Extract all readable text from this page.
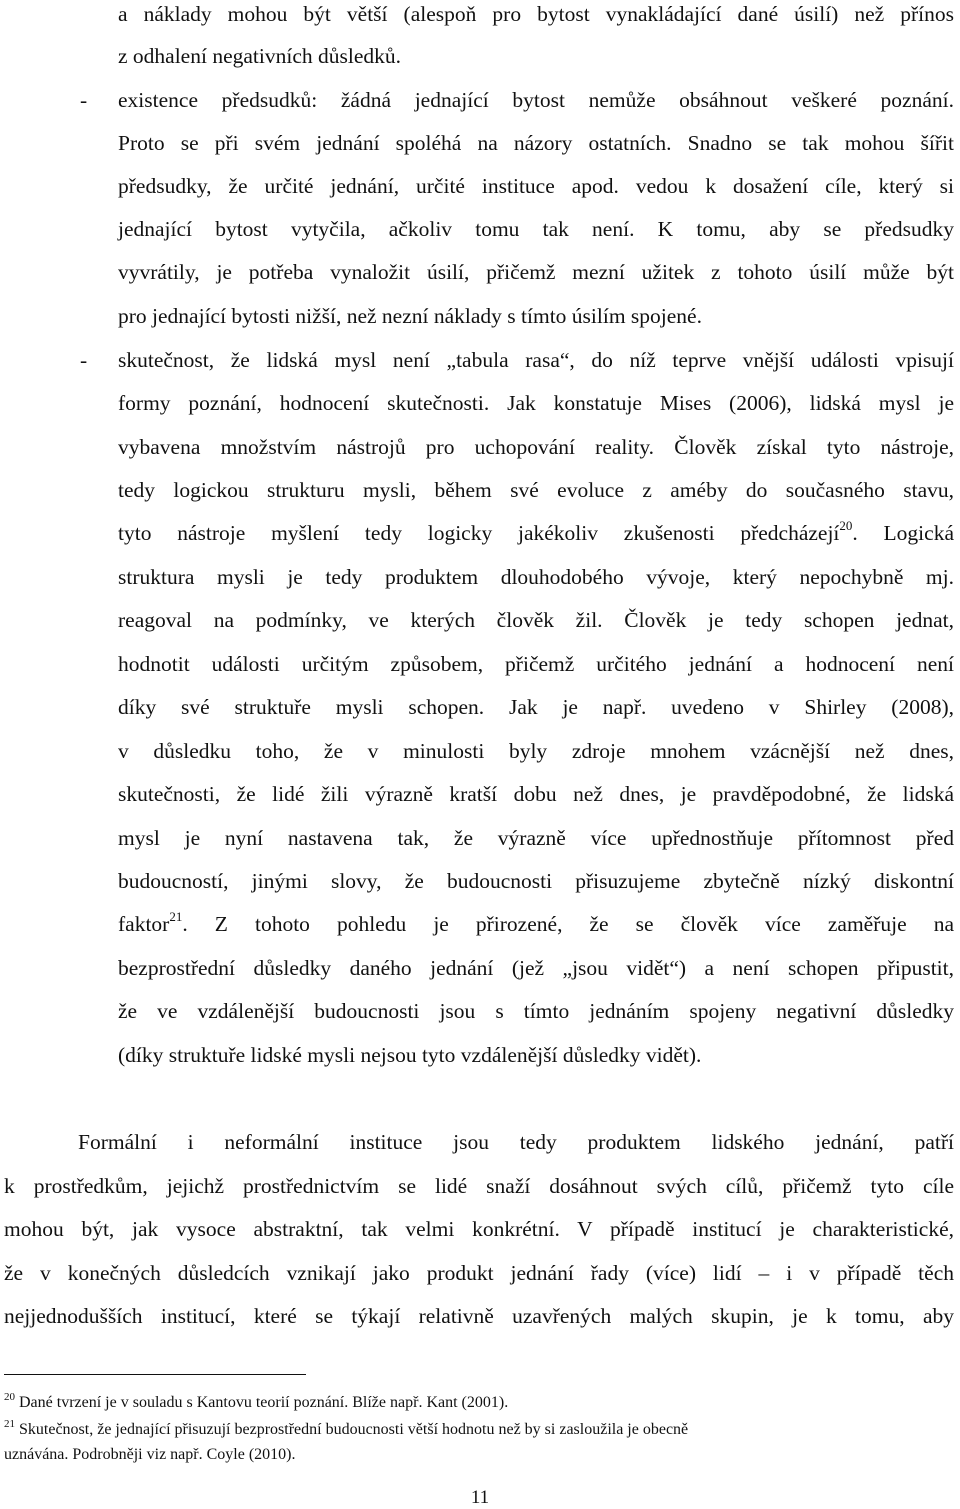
a náklady mohou být větší (alespoň pro bytost vynakládající dané úsilí) než přínos
z odhalení negativních důsledků.
- existence předsudků: žádná jednající bytost nemůže obsáhnout veškeré poznání.
Proto se při svém jednání spoléhá na názory ostatních. Snadno se tak mohou šířit
předsudky, že určité jednání, určité instituce apod. vedou k dosažení cíle, který si
jednající bytost vytyčila, ačkoliv tomu tak není. K tomu, aby se předsudky
vyvrátily, je potřeba vynaložit úsilí, přičemž mezní užitek z tohoto úsilí může být
pro jednající bytosti nižší, než nezní náklady s tímto úsilím spojené.
- skutečnost, že lidská mysl není „tabula rasa“, do níž teprve vnější události vpisují
formy poznání, hodnocení skutečnosti. Jak konstatuje Mises (2006), lidská mysl je
vybavena množstvím nástrojů pro uchopování reality. Člověk získal tyto nástroje,
tedy logickou strukturu mysli, během své evoluce z améby do současného stavu,
tyto nástroje myšlení tedy logicky jakékoliv zkušenosti předcházejí$^{20}$. Logická
struktura mysli je tedy produktem dlouhodobého vývoje, který nepochybně mj.
reagoval na podmínky, ve kterých člověk žil. Člověk je tedy schopen jednat,
hodnotit události určitým způsobem, přičemž určitého jednání a hodnocení není
díky své struktuře mysli schopen. Jak je např. uvedeno v Shirley (2008),
v důsledku toho, že v minulosti byly zdroje mnohem vzácnější než dnes,
skutečnosti, že lidé žili výrazně kratší dobu než dnes, je pravděpodobné, že lidská
mysl je nyní nastavena tak, že výrazně více upřednostňuje přítomnost před
budoucností, jinými slovy, že budoucnosti přisuzujeme zbytečně nízký diskontní
faktor$^{21}$. Z tohoto pohledu je přirozené, že se člověk více zaměřuje na
bezprostřední důsledky daného jednání (jež „jsou vidět“) a není schopen připustit,
že ve vzdálenější budoucnosti jsou s tímto jednáním spojeny negativní důsledky
(díky struktuře lidské mysli nejsou tyto vzdálenější důsledky vidět).
Formální i neformální instituce jsou tedy produktem lidského jednání, patří
k prostředkům, jejichž prostřednictvím se lidé snaží dosáhnout svých cílů, přičemž tyto cíle
mohou být, jak vysoce abstraktní, tak velmi konkrétní. V případě institucí je charakteristické,
že v konečných důsledcích vznikají jako produkt jednání řady (více) lidí – i v případě těch
nejjednodušších institucí, které se týkají relativně uzavřených malých skupin, je k tomu, aby
$^{20}$ Dané tvrzení je v souladu s Kantovu teorií poznání. Blíže např. Kant (2001).
$^{21}$ Skutečnost, že jednající přisuzují bezprostřední budoucnosti větší hodnotu než by si zasloužila je obecně
uznávána. Podrobněji viz např. Coyle (2010).
11
